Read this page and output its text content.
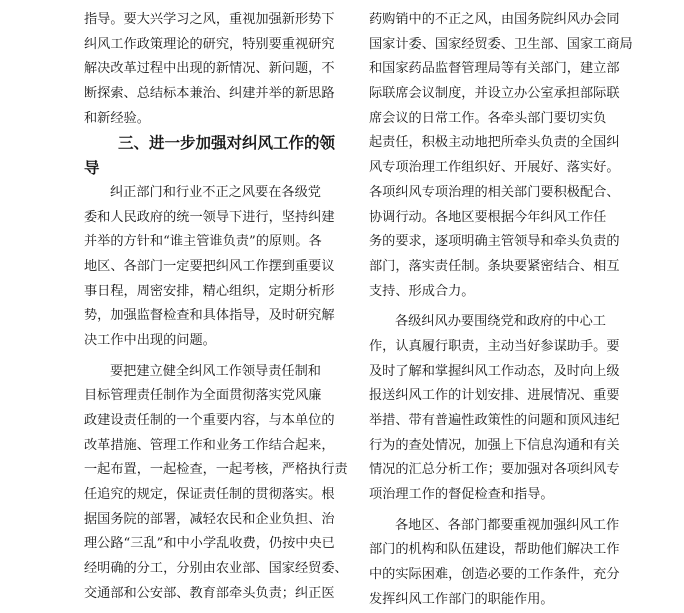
指导。要大兴学习之风，重视加强新形势下
纠风工作政策理论的研究，特别要重视研究
解决改革过程中出现的新情况、新问题，不
断探索、总结标本兼治、纠建并举的新思路
和新经验。
三、进一步加强对纠风工作的领
导
纠正部门和行业不正之风要在各级党
委和人民政府的统一领导下进行，坚持纠建
并举的方针和“谁主管谁负责”的原则。各
地区、各部门一定要把纠风工作摆到重要议
事日程，周密安排，精心组织，定期分析形
势，加强监督检查和具体指导，及时研究解
决工作中出现的问题。
要把建立健全纠风工作领导责任制和
目标管理责任制作为全面贯彻落实党风廉
政建设责任制的一个重要内容，与本单位的
改革措施、管理工作和业务工作结合起来，
一起布置，一起检查，一起考核，严格执行责
任追究的规定，保证责任制的贯彻落实。根
据国务院的部署，减轻农民和企业负担、治
理公路“三乱”和中小学乱收费，仍按中央已
经明确的分工，分别由农业部、国家经贸委、
交通部和公安部、教育部牵头负责；纠正医
药购销中的不正之风，由国务院纠风办会同
国家计委、国家经贸委、卫生部、国家工商局
和国家药品监督管理局等有关部门，建立部
际联席会议制度，并设立办公室承担部际联
席会议的日常工作。各牵头部门要切实负
起责任，积极主动地把所牵头负责的全国纠
风专项治理工作组织好、开展好、落实好。
各项纠风专项治理的相关部门要积极配合、
协调行动。各地区要根据今年纠风工作任
务的要求，逐项明确主管领导和牵头负责的
部门，落实责任制。条块要紧密结合、相互
支持、形成合力。
各级纠风办要围绕党和政府的中心工
作，认真履行职责，主动当好参谋助手。要
及时了解和掌握纠风工作动态，及时向上级
报送纠风工作的计划安排、进展情况、重要
举措、带有普遍性政策性的问题和顶风违纪
行为的查处情况，加强上下信息沟通和有关
情况的汇总分析工作；要加强对各项纠风专
项治理工作的督促检查和指导。
各地区、各部门都要重视加强纠风工作
部门的机构和队伍建设，帮助他们解决工作
中的实际困难，创造必要的工作条件，充分
发挥纠风工作部门的职能作用。
